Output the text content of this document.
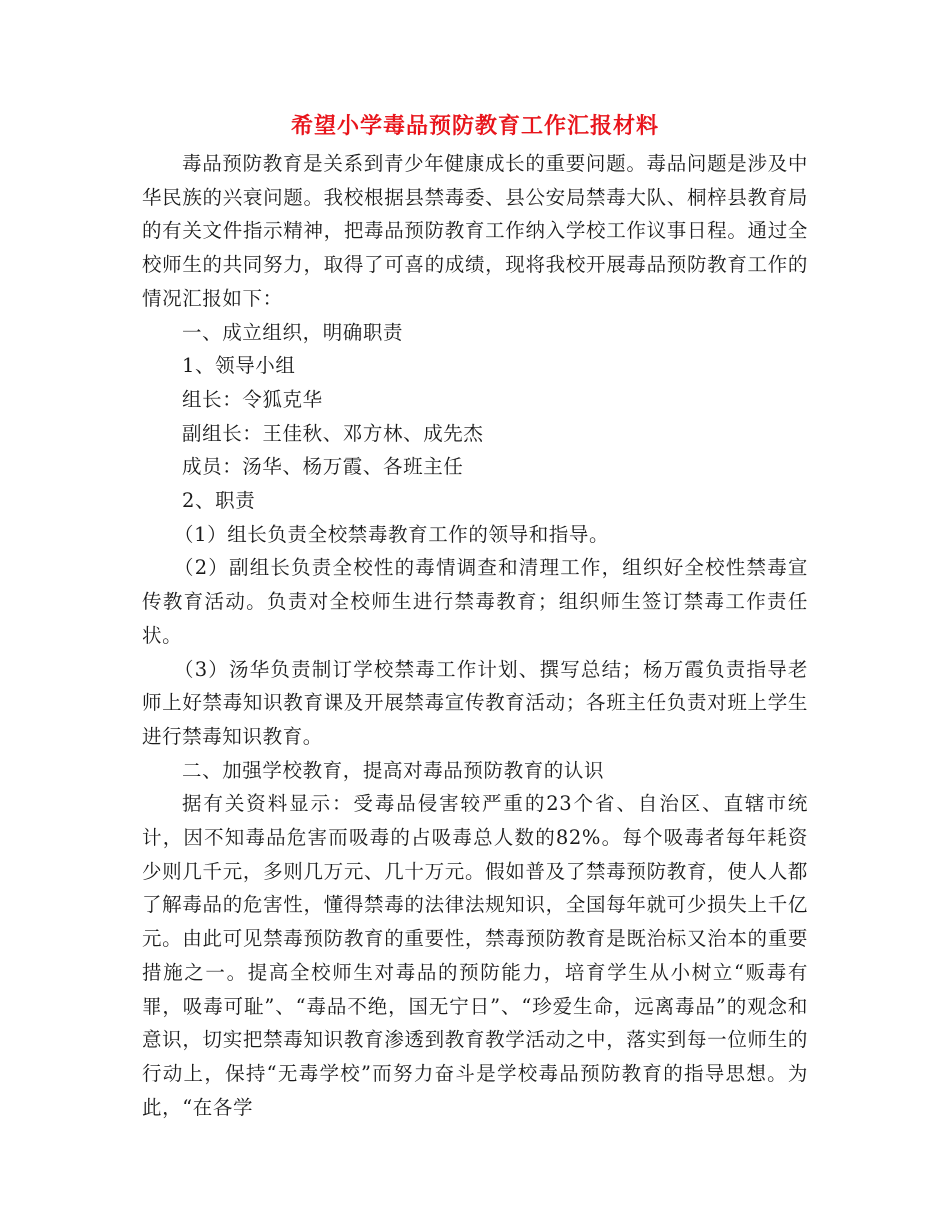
希望小学毒品预防教育工作汇报材料

毒品预防教育是关系到青少年健康成长的重要问题。毒品问题是涉及中华民族的兴衰问题。我校根据县禁毒委、县公安局禁毒大队、桐梓县教育局的有关文件指示精神，把毒品预防教育工作纳入学校工作议事日程。通过全校师生的共同努力，取得了可喜的成绩，现将我校开展毒品预防教育工作的情况汇报如下：

一、成立组织，明确职责

1、领导小组

组长：令狐克华

副组长：王佳秋、邓方林、成先杰

成员：汤华、杨万霞、各班主任

2、职责

（1）组长负责全校禁毒教育工作的领导和指导。

（2）副组长负责全校性的毒情调查和清理工作，组织好全校性禁毒宣传教育活动。负责对全校师生进行禁毒教育；组织师生签订禁毒工作责任状。

（3）汤华负责制订学校禁毒工作计划、撰写总结；杨万霞负责指导老师上好禁毒知识教育课及开展禁毒宣传教育活动；各班主任负责对班上学生进行禁毒知识教育。

二、加强学校教育，提高对毒品预防教育的认识

据有关资料显示：受毒品侵害较严重的23个省、自治区、直辖市统计，因不知毒品危害而吸毒的占吸毒总人数的82%。每个吸毒者每年耗资少则几千元，多则几万元、几十万元。假如普及了禁毒预防教育，使人人都了解毒品的危害性，懂得禁毒的法律法规知识，全国每年就可少损失上千亿元。由此可见禁毒预防教育的重要性，禁毒预防教育是既治标又治本的重要措施之一。提高全校师生对毒品的预防能力，培育学生从小树立“贩毒有罪，吸毒可耻”、“毒品不绝，国无宁日”、“珍爱生命，远离毒品”的观念和意识，切实把禁毒知识教育渗透到教育教学活动之中，落实到每一位师生的行动上，保持“无毒学校”而努力奋斗是学校毒品预防教育的指导思想。为此，“在各学
